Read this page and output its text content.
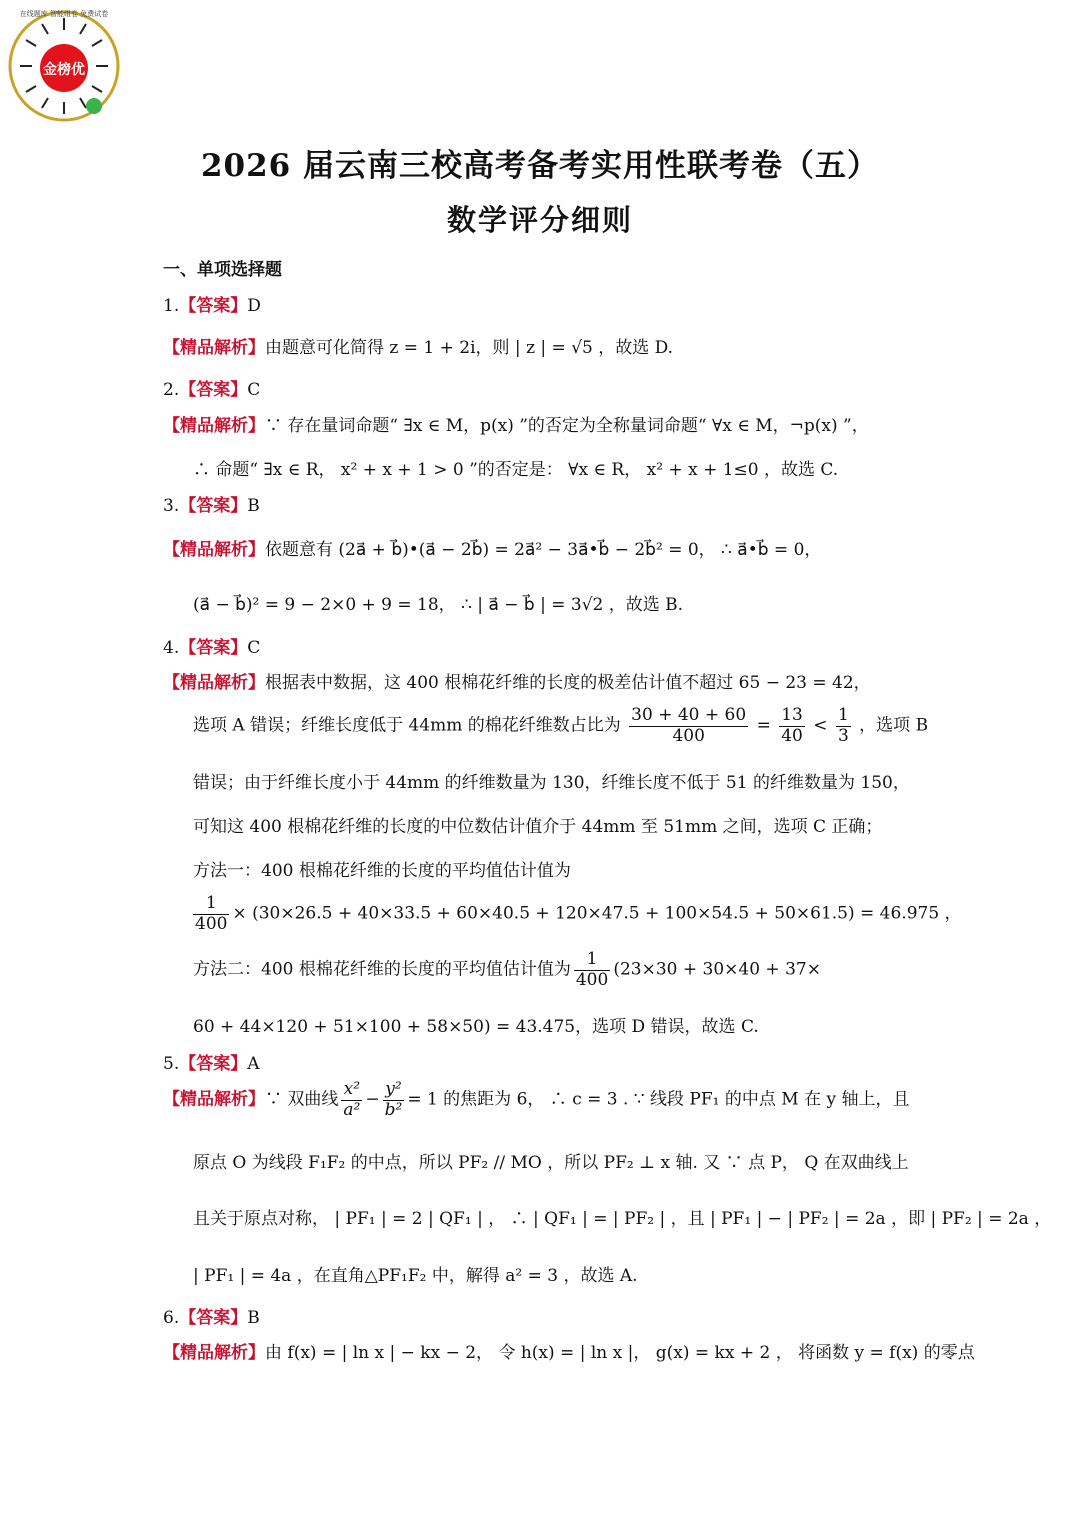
金榜优
在线题库 智能组卷 免费试卷
2026 届云南三校高考备考实用性联考卷（五）
数学评分细则
一、单项选择题
1.【答案】D
【精品解析】由题意可化简得 z = 1 + 2i，则 | z | = √5 ，故选 D.
2.【答案】C
【精品解析】∵ 存在量词命题“ ∃x ∈ M，p(x) ”的否定为全称量词命题“ ∀x ∈ M，¬p(x) ”，
∴ 命题“ ∃x ∈ R， x² + x + 1 > 0 ”的否定是： ∀x ∈ R， x² + x + 1≤0 ，故选 C.
3.【答案】B
【精品解析】依题意有 (2a⃗ + b⃗)•(a⃗ − 2b⃗) = 2a⃗² − 3a⃗•b⃗ − 2b⃗² = 0， ∴ a⃗•b⃗ = 0，
(a⃗ − b⃗)² = 9 − 2×0 + 9 = 18， ∴ | a⃗ − b⃗ | = 3√2 ，故选 B.
4.【答案】C
【精品解析】根据表中数据，这 400 根棉花纤维的长度的极差估计值不超过 65 − 23 = 42，
选项 A 错误；纤维长度低于 44mm 的棉花纤维数占比为 $\frac{30 + 40 + 60}{400} = \frac{13}{40} < \frac{1}{3}$ ，选项 B
错误；由于纤维长度小于 44mm 的纤维数量为 130，纤维长度不低于 51 的纤维数量为 150，
可知这 400 根棉花纤维的长度的中位数估计值介于 44mm 至 51mm 之间，选项 C 正确；
方法一：400 根棉花纤维的长度的平均值估计值为
$\frac{1}{400} \times (30\times 26.5 + 40\times 33.5 + 60\times 40.5 + 120\times 47.5 + 100\times 54.5 + 50\times 61.5) = 46.975$ ，
方法二：400 根棉花纤维的长度的平均值估计值为 $\frac{1}{400} (23\times 30 + 30\times 40 + 37\times$
60 + 44×120 + 51×100 + 58×50) = 43.475，选项 D 错误，故选 C.
5.【答案】A
【精品解析】∵ 双曲线 $\frac{\text{x²}}{\text{a²}} - \frac{\text{y²}}{\text{b²}} = 1$ 的焦距为 6， ∴ c = 3 . ∵ 线段 PF₁ 的中点 M 在 y 轴上，且
原点 O 为线段 F₁F₂ 的中点，所以 PF₂ // MO ，所以 PF₂ ⊥ x 轴. 又 ∵ 点 P， Q 在双曲线上
且关于原点对称， | PF₁ | = 2 | QF₁ | ， ∴ | QF₁ | = | PF₂ | ，且 | PF₁ | − | PF₂ | = 2a ，即 | PF₂ | = 2a ，
| PF₁ | = 4a ，在直角△PF₁F₂ 中，解得 a² = 3 ，故选 A.
6.【答案】B
【精品解析】由 f(x) = | ln x | − kx − 2， 令 h(x) = | ln x |， g(x) = kx + 2 ， 将函数 y = f(x) 的零点
